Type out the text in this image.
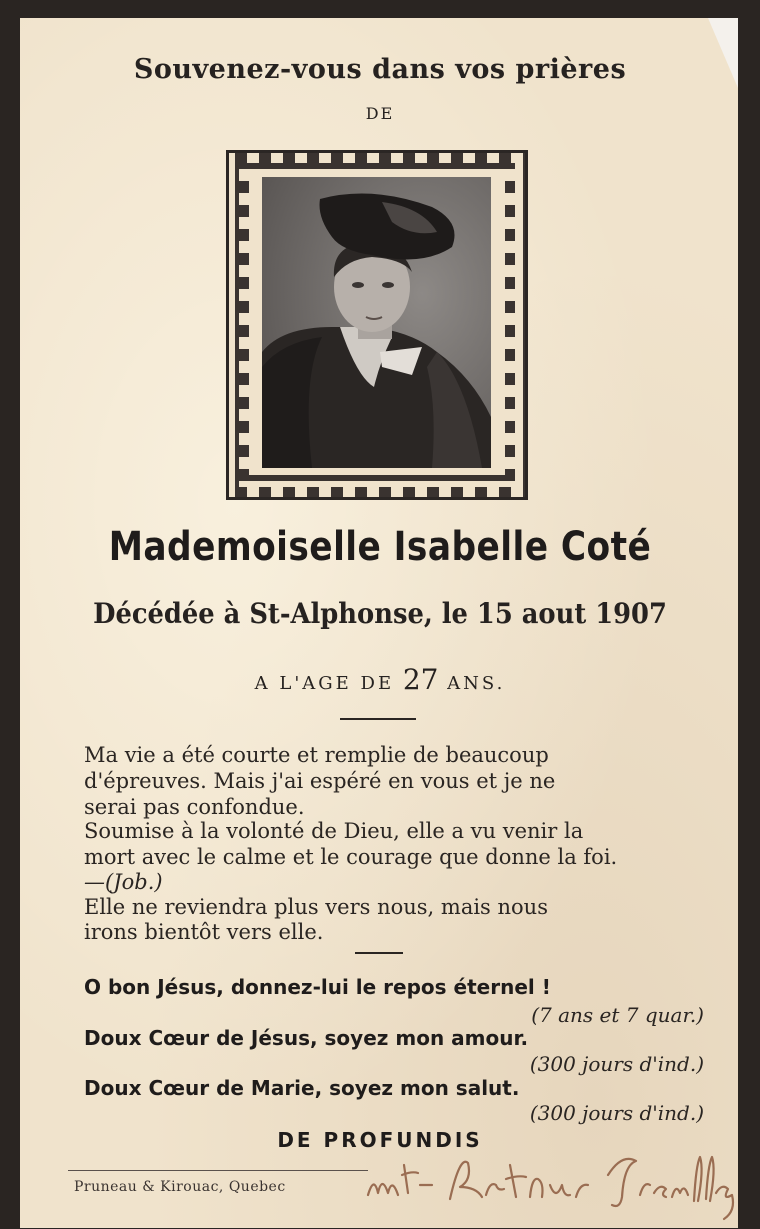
Souvenez-vous dans vos prières
DE
Mademoiselle Isabelle Coté
Décédée à St-Alphonse, le 15 aout 1907
A L'AGE DE 27 ANS.
Ma vie a été courte et remplie de beaucoup
d'épreuves. Mais j'ai espéré en vous et je ne
serai pas confondue.
Soumise à la volonté de Dieu, elle a vu venir la
mort avec le calme et le courage que donne la foi.
—(Job.)
Elle ne reviendra plus vers nous, mais nous
irons bientôt vers elle.
O bon Jésus, donnez-lui le repos éternel !
(7 ans et 7 quar.)
Doux Cœur de Jésus, soyez mon amour.
(300 jours d'ind.)
Doux Cœur de Marie, soyez mon salut.
(300 jours d'ind.)
DE PROFUNDIS
Pruneau & Kirouac, Quebec
